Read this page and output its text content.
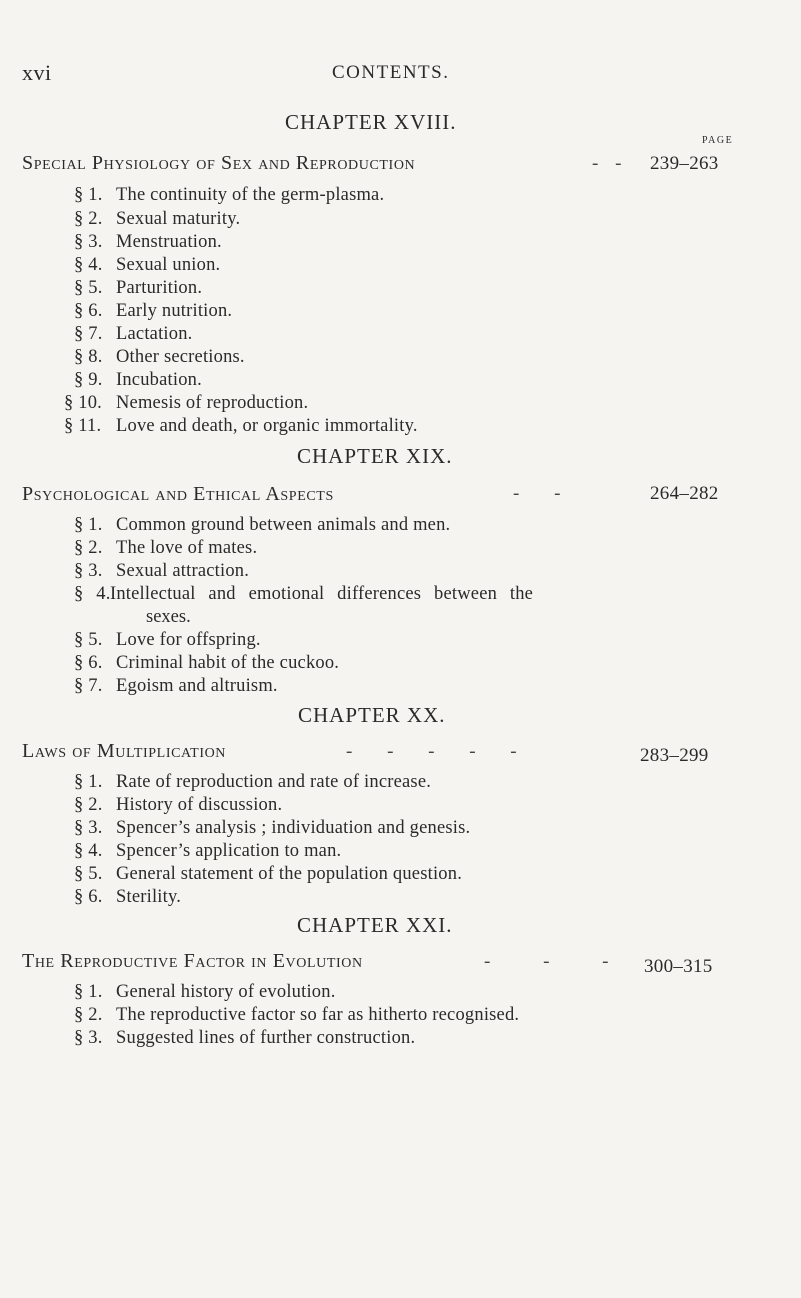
xvi	CONTENTS.
CHAPTER XVIII.
PAGE
Special Physiology of Sex and Reproduction	- - 239–263
§ 1. The continuity of the germ-plasma.
§ 2. Sexual maturity.
§ 3. Menstruation.
§ 4. Sexual union.
§ 5. Parturition.
§ 6. Early nutrition.
§ 7. Lactation.
§ 8. Other secretions.
§ 9. Incubation.
§ 10. Nemesis of reproduction.
§ 11. Love and death, or organic immortality.
CHAPTER XIX.
Psychological and Ethical Aspects	- -	264–282
§ 1. Common ground between animals and men.
§ 2. The love of mates.
§ 3. Sexual attraction.
§ 4.Intellectual and emotional differences between the
sexes.
§ 5. Love for offspring.
§ 6. Criminal habit of the cuckoo.
§ 7. Egoism and altruism.
CHAPTER XX.
Laws of Multiplication	- - - - -	283–299
§ 1. Rate of reproduction and rate of increase.
§ 2. History of discussion.
§ 3. Spencer’s analysis ; individuation and genesis.
§ 4. Spencer’s application to man.
§ 5. General statement of the population question.
§ 6. Sterility.
CHAPTER XXI.
The Reproductive Factor in Evolution	- - - 300–315
§ 1. General history of evolution.
§ 2. The reproductive factor so far as hitherto recognised.
§ 3. Suggested lines of further construction.
